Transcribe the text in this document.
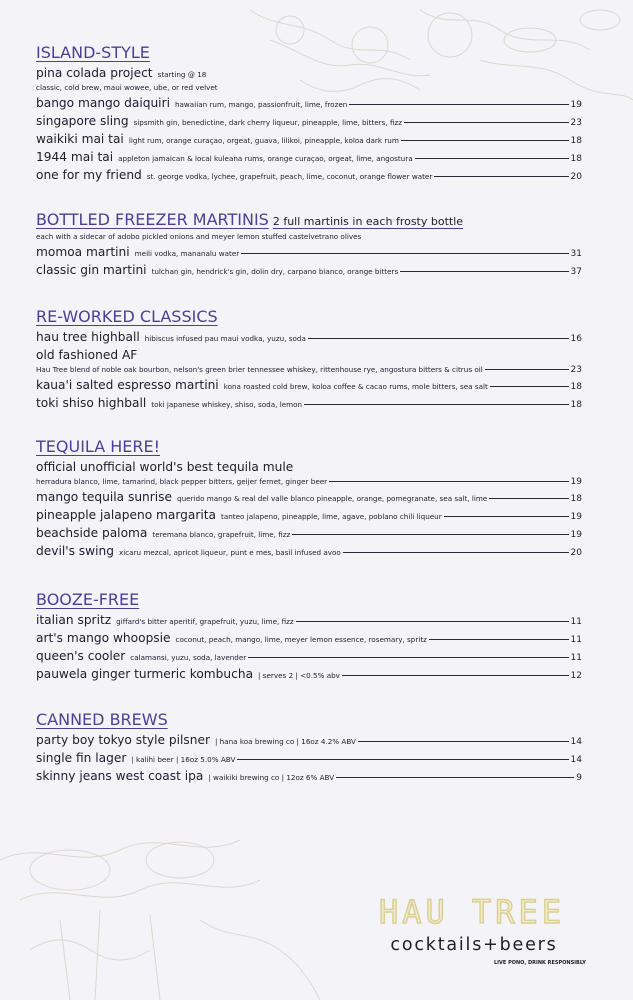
ISLAND-STYLE
pina colada project starting @ 18
classic, cold brew, maui wowee, ube, or red velvet
bango mango daiquiri hawaiian rum, mango, passionfruit, lime, frozen	19
singapore sling sipsmith gin, benedictine, dark cherry liqueur, pineapple, lime, bitters, fizz	23
waikiki mai tai light rum, orange curaçao, orgeat, guava, lilikoi, pineapple, koloa dark rum	18
1944 mai tai appleton jamaican & local kuleana rums, orange curaçao, orgeat, lime, angostura	18
one for my friend st. george vodka, lychee, grapefruit, peach, lime, coconut, orange flower water	20
BOTTLED FREEZER MARTINIS 2 full martinis in each frosty bottle
each with a sidecar of adobo pickled onions and meyer lemon stuffed castelvetrano olives
momoa martini meili vodka, mananalu water	31
classic gin martini tulchan gin, hendrick's gin, dolin dry, carpano bianco, orange bitters	37
RE-WORKED CLASSICS
hau tree highball hibiscus infused pau maui vodka, yuzu, soda	16
old fashioned AF
Hau Tree blend of noble oak bourbon, nelson's green brier tennessee whiskey, rittenhouse rye, angostura bitters & citrus oil	23
kaua'i salted espresso martini kona roasted cold brew, koloa coffee & cacao rums, mole bitters, sea salt	18
toki shiso highball toki japanese whiskey, shiso, soda, lemon	18
TEQUILA HERE!
official unofficial world's best tequila mule
herradura blanco, lime, tamarind, black pepper bitters, geijer fernet, ginger beer	19
mango tequila sunrise querido mango & real del valle blanco pineapple, orange, pomegranate, sea salt, lime	18
pineapple jalapeno margarita tanteo jalapeno, pineapple, lime, agave, poblano chili liqueur	19
beachside paloma teremana blanco, grapefruit, lime, fizz	19
devil's swing xicaru mezcal, apricot liqueur, punt e mes, basil infused avoo	20
BOOZE-FREE
italian spritz giffard's bitter aperitif, grapefruit, yuzu, lime, fizz	11
art's mango whoopsie coconut, peach, mango, lime, meyer lemon essence, rosemary, spritz	11
queen's cooler calamansi, yuzu, soda, lavender	11
pauwela ginger turmeric kombucha | serves 2 | <0.5% abv	12
CANNED BREWS
party boy tokyo style pilsner | hana koa brewing co | 16oz 4.2% ABV	14
single fin lager | kalihi beer | 16oz 5.0% ABV	14
skinny jeans west coast ipa | waikiki brewing co | 12oz 6% ABV	9
HAU TREE
cocktails+beers
LIVE PONO, DRINK RESPONSIBLY
